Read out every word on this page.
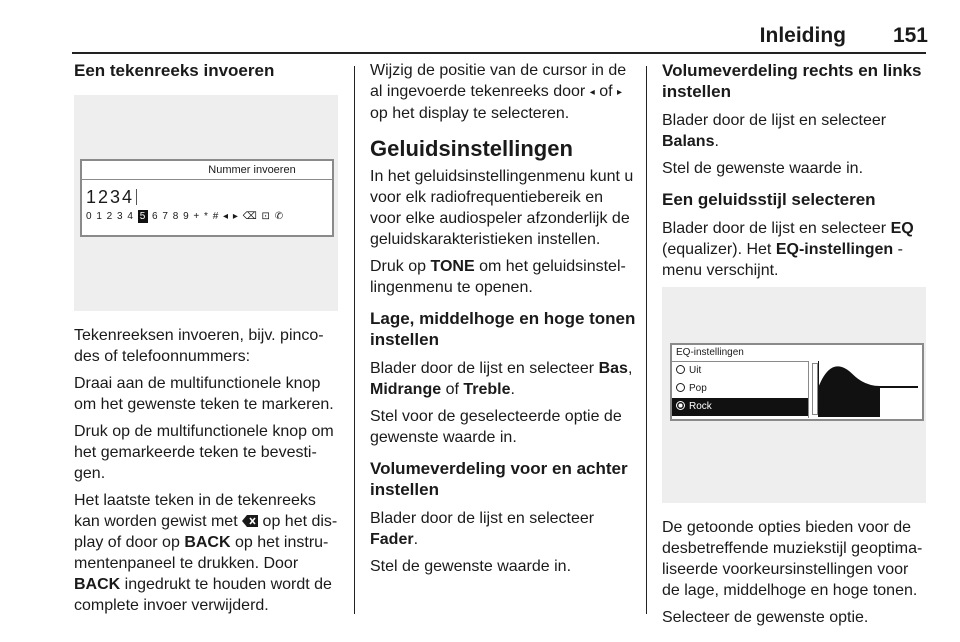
Inleiding 151
Een tekenreeks invoeren
Nummer invoeren
1234
0 1 2 3 4 5 6 7 8 9 + * # ◂ ▸ ⌫ ⊡ ✆

Tekenreeksen invoeren, bijv. pinco-des of telefoonnummers:

Draai aan de multifunctionele knop om het gewenste teken te markeren.

Druk op de multifunctionele knop om het gemarkeerde teken te bevesti-gen.

Het laatste teken in de tekenreeks kan worden gewist met op het dis-play of door op BACK op het instru-mentenpaneel te drukken. Door BACK ingedrukt te houden wordt de complete invoer verwijderd.

Wijzig de positie van de cursor in de al ingevoerde tekenreeks door ◂ of ▸ op het display te selecteren.

Geluidsinstellingen

In het geluidsinstellingenmenu kunt u voor elk radiofrequentiebereik en voor elke audiospeler afzonderlijk de geluidskarakteristieken instellen.

Druk op TONE om het geluidsinstel-lingenmenu te openen.

Lage, middelhoge en hoge tonen instellen

Blader door de lijst en selecteer Bas, Midrange of Treble.

Stel voor de geselecteerde optie de gewenste waarde in.

Volumeverdeling voor en achter instellen

Blader door de lijst en selecteer Fader.

Stel de gewenste waarde in.

Volumeverdeling rechts en links instellen

Blader door de lijst en selecteer Balans.

Stel de gewenste waarde in.

Een geluidsstijl selecteren

Blader door de lijst en selecteer EQ (equalizer). Het EQ-instellingen -menu verschijnt.

EQ-instellingen
Uit
Pop
Rock

De getoonde opties bieden voor de desbetreffende muziekstijl geoptima-liseerde voorkeursinstellingen voor de lage, middelhoge en hoge tonen.

Selecteer de gewenste optie.
